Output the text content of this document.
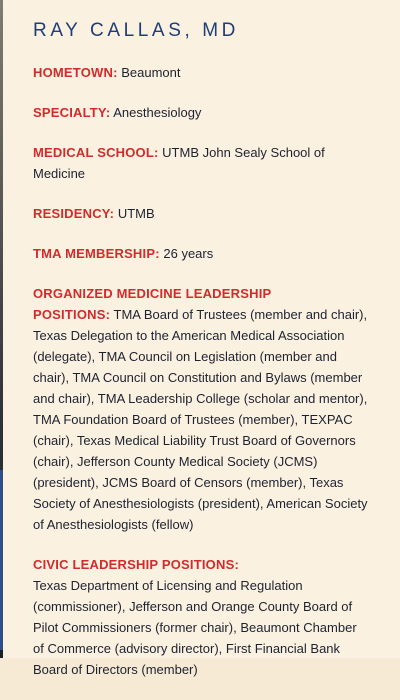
RAY CALLAS, MD

HOMETOWN: Beaumont

SPECIALTY: Anesthesiology

MEDICAL SCHOOL: UTMB John Sealy School of Medicine

RESIDENCY: UTMB

TMA MEMBERSHIP: 26 years

ORGANIZED MEDICINE LEADERSHIP
POSITIONS: TMA Board of Trustees (member and chair), Texas Delegation to the American Medical Association (delegate), TMA Council on Legislation (member and chair), TMA Council on Constitution and Bylaws (member and chair), TMA Leadership College (scholar and mentor), TMA Foundation Board of Trustees (member), TEXPAC (chair), Texas Medical Liability Trust Board of Governors (chair), Jefferson County Medical Society (JCMS) (president), JCMS Board of Censors (member), Texas Society of Anesthesiologists (president), American Society of Anesthesiologists (fellow)

CIVIC LEADERSHIP POSITIONS:
Texas Department of Licensing and Regulation (commissioner), Jefferson and Orange County Board of Pilot Commissioners (former chair), Beaumont Chamber of Commerce (advisory director), First Financial Bank Board of Directors (member)
